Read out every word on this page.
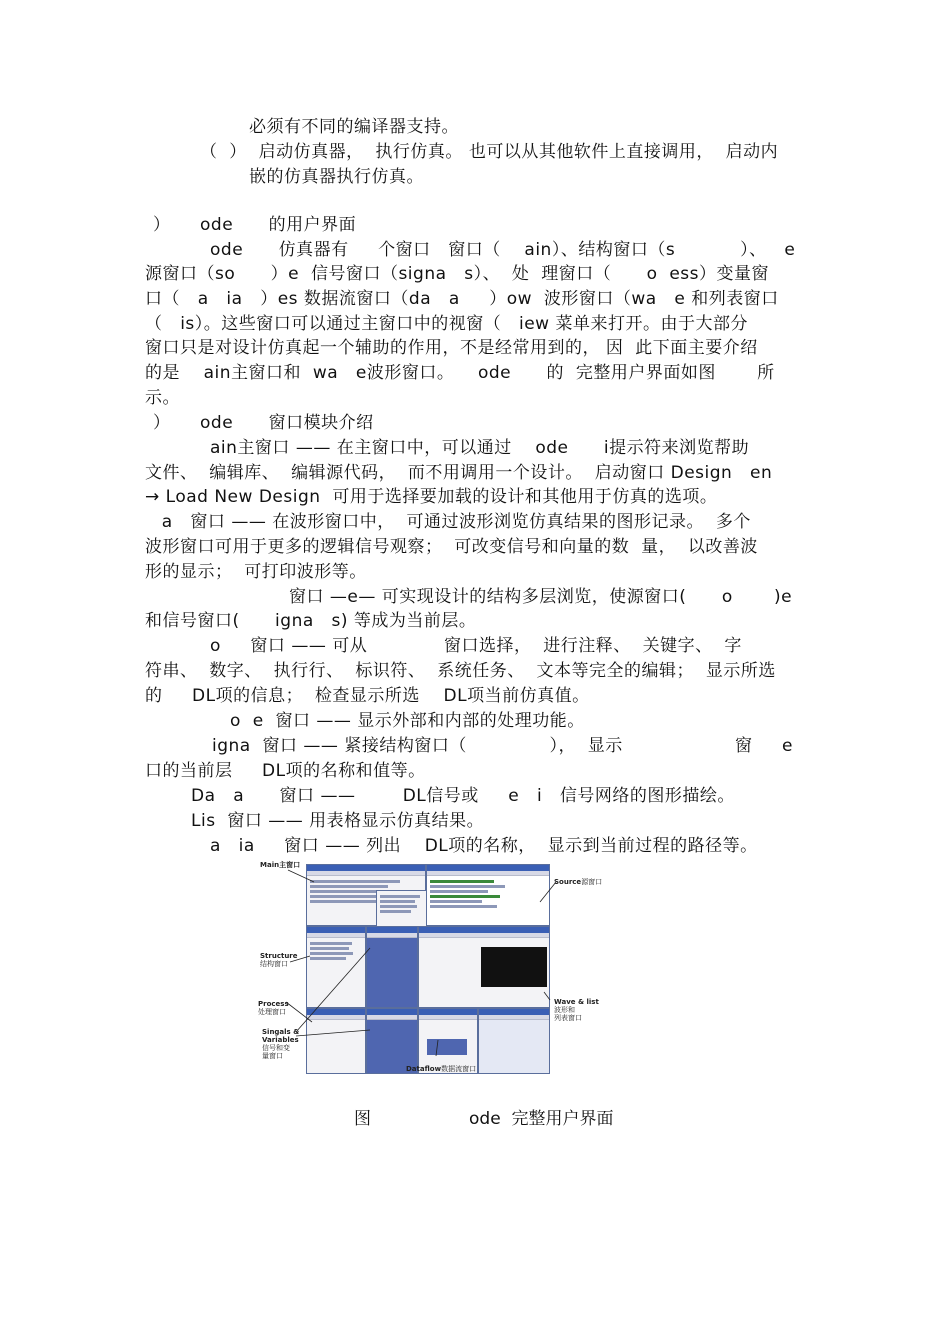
必须有不同的编译器支持。
（  ）  启动仿真器，  执行仿真。 也可以从其他软件上直接调用，  启动内
嵌的仿真器执行仿真。
）     ode      的用户界面
ode      仿真器有     个窗口   窗口（    ain）、结构窗口（s           ）、   e
源窗口（so      ）e  信号窗口（signa   s）、  处  理窗口（      o  ess）变量窗
口（   a   ia   ）es 数据流窗口（da   a     ）ow  波形窗口（wa   e 和列表窗口
（   is）。这些窗口可以通过主窗口中的视窗（   iew 菜单来打开。由于大部分
窗口只是对设计仿真起一个辅助的作用，不是经常用到的， 因  此下面主要介绍
的是    ain主窗口和  wa   e波形窗口。    ode      的  完整用户界面如图       所
示。
）     ode      窗口模块介绍
ain主窗口 —— 在主窗口中，可以通过    ode      i提示符来浏览帮助
文件、  编辑库、  编辑源代码，  而不用调用一个设计。  启动窗口 Design   en
→ Load New Design  可用于选择要加载的设计和其他用于仿真的选项。
a   窗口 —— 在波形窗口中，  可通过波形浏览仿真结果的图形记录。  多个
波形窗口可用于更多的逻辑信号观察；  可改变信号和向量的数  量，  以改善波
形的显示；  可打印波形等。
窗口 —e— 可实现设计的结构多层浏览，使源窗口(      o       )e
和信号窗口(      igna   s) 等成为当前层。
o     窗口 —— 可从             窗口选择，  进行注释、  关键字、  字
符串、  数字、  执行行、  标识符、  系统任务、  文本等完全的编辑；  显示所选
的     DL项的信息；  检查显示所选    DL项当前仿真值。
o  e  窗口 —— 显示外部和内部的处理功能。
igna  窗口 —— 紧接结构窗口（              ），  显示                   窗     e
口的当前层     DL项的名称和值等。
Da   a      窗口 ——        DL信号或     e   i   信号网络的图形描绘。
Lis  窗口 —— 用表格显示仿真结果。
a   ia     窗口 —— 列出    DL项的名称，  显示到当前过程的路径等。
Main主窗口
Source源窗口
Structure
结构窗口
Process
处理窗口
Wave & list
波形和
列表窗口
Singals &
Variables
信号和变
量窗口
Dataflow数据流窗口
图	ode  完整用户界面
